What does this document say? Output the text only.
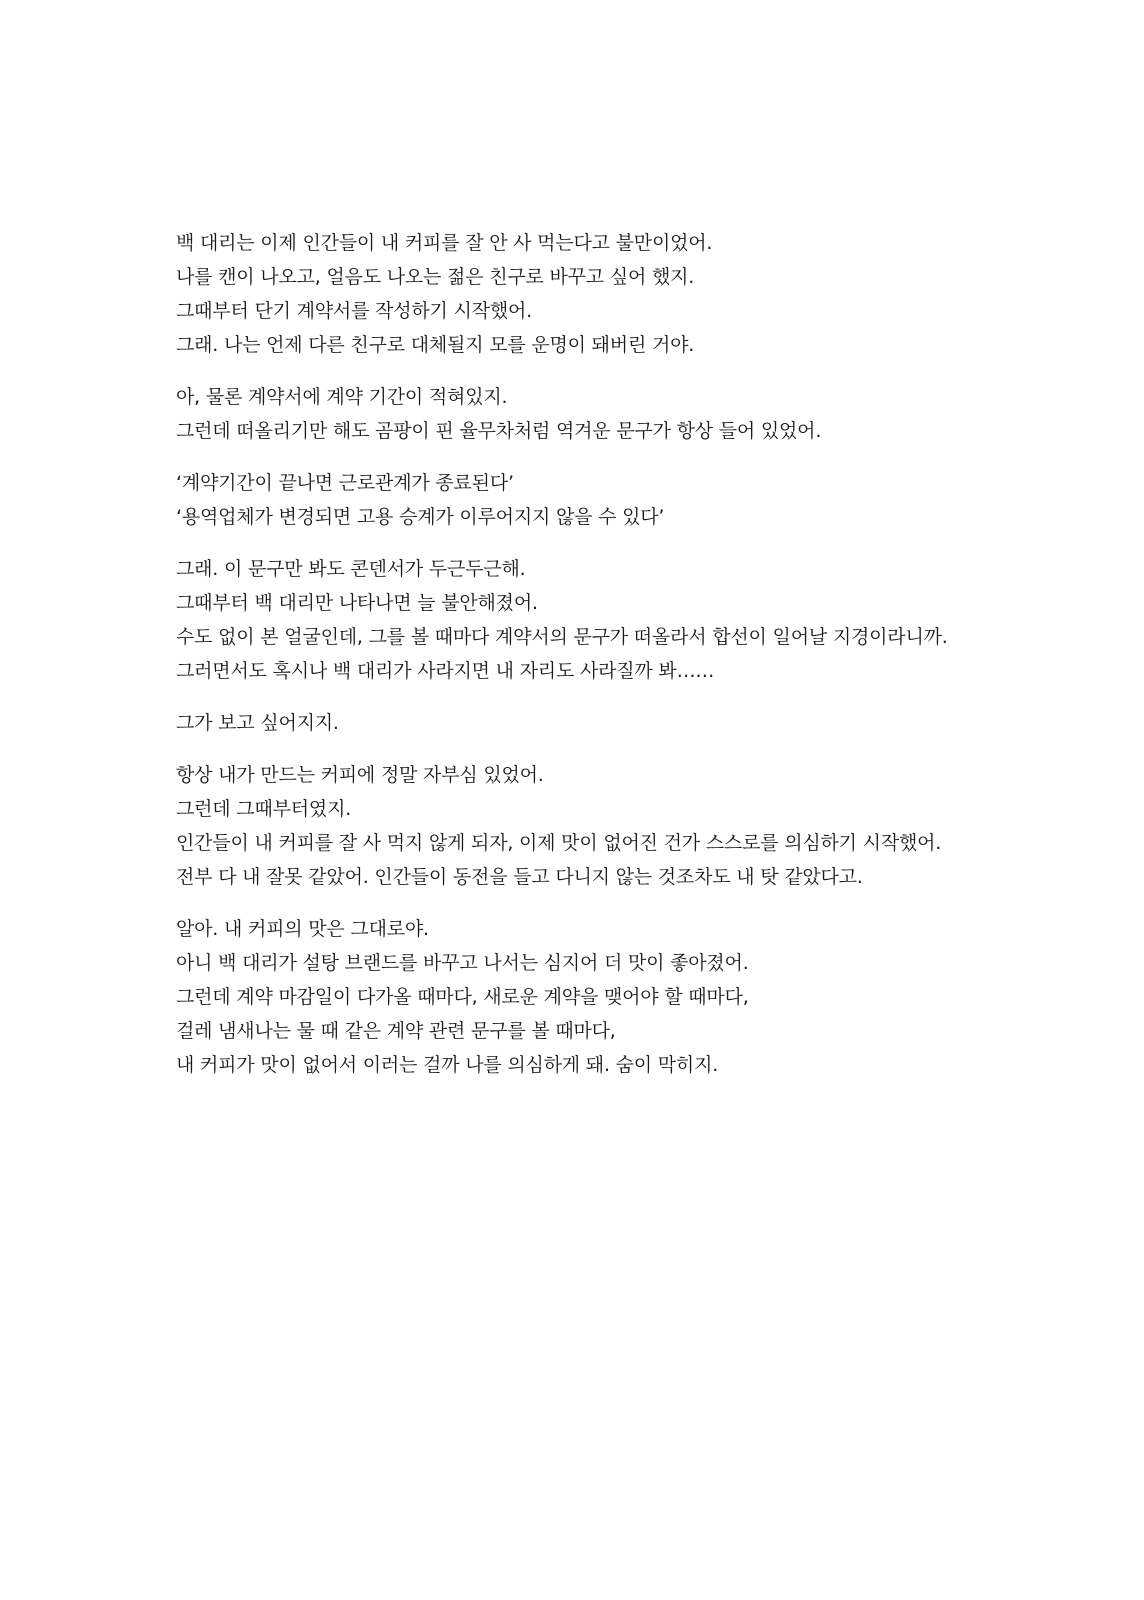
백 대리는 이제 인간들이 내 커피를 잘 안 사 먹는다고 불만이었어.
나를 캔이 나오고, 얼음도 나오는 젊은 친구로 바꾸고 싶어 했지.
그때부터 단기 계약서를 작성하기 시작했어.
그래. 나는 언제 다른 친구로 대체될지 모를 운명이 돼버린 거야.
아, 물론 계약서에 계약 기간이 적혀있지.
그런데 떠올리기만 해도 곰팡이 핀 율무차처럼 역겨운 문구가 항상 들어 있었어.
‘계약기간이 끝나면 근로관계가 종료된다’
‘용역업체가 변경되면 고용 승계가 이루어지지 않을 수 있다’
그래. 이 문구만 봐도 콘덴서가 두근두근해.
그때부터 백 대리만 나타나면 늘 불안해졌어.
수도 없이 본 얼굴인데, 그를 볼 때마다 계약서의 문구가 떠올라서 합선이 일어날 지경이라니까.
그러면서도 혹시나 백 대리가 사라지면 내 자리도 사라질까 봐……
그가 보고 싶어지지.
항상 내가 만드는 커피에 정말 자부심 있었어.
그런데 그때부터였지.
인간들이 내 커피를 잘 사 먹지 않게 되자, 이제 맛이 없어진 건가 스스로를 의심하기 시작했어.
전부 다 내 잘못 같았어. 인간들이 동전을 들고 다니지 않는 것조차도 내 탓 같았다고.
알아. 내 커피의 맛은 그대로야.
아니 백 대리가 설탕 브랜드를 바꾸고 나서는 심지어 더 맛이 좋아졌어.
그런데 계약 마감일이 다가올 때마다, 새로운 계약을 맺어야 할 때마다,
걸레 냄새나는 물 때 같은 계약 관련 문구를 볼 때마다,
내 커피가 맛이 없어서 이러는 걸까 나를 의심하게 돼. 숨이 막히지.
